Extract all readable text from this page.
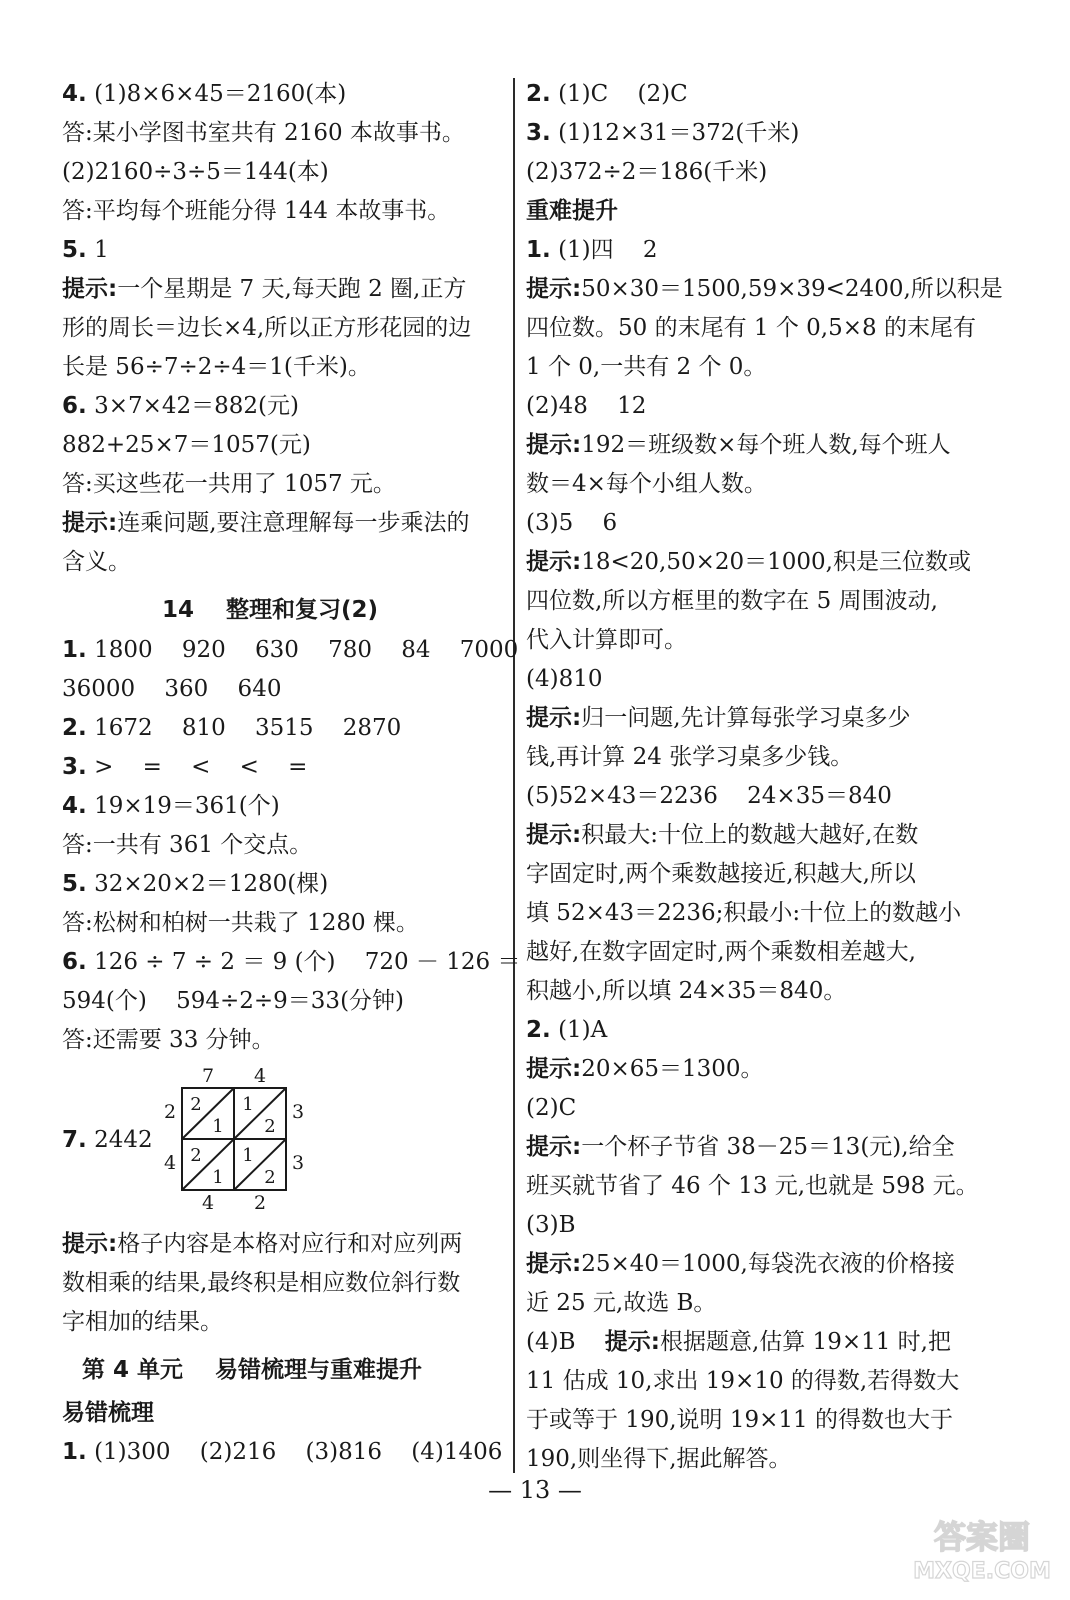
4. (1)8×6×45＝2160(本)
答:某小学图书室共有 2160 本故事书。
(2)2160÷3÷5＝144(本)
答:平均每个班能分得 144 本故事书。
5. 1
提示:一个星期是 7 天,每天跑 2 圈,正方
形的周长＝边长×4,所以正方形花园的边
长是 56÷7÷2÷4＝1(千米)。
6. 3×7×42＝882(元)
882+25×7＝1057(元)
答:买这些花一共用了 1057 元。
提示:连乘问题,要注意理解每一步乘法的
含义。
14 整理和复习(2)
1. 1800    920    630    780    84    7000
36000    360    640
2. 1672    810    3515    2870
3. >    =    <    <    =
4. 19×19＝361(个)
答:一共有 361 个交点。
5. 32×20×2＝1280(棵)
答:松树和柏树一共栽了 1280 棵。
6. 126 ÷ 7 ÷ 2 ＝ 9 (个)    720 － 126 ＝
594(个)    594÷2÷9＝33(分钟)
答:还需要 33 分钟。
7. 2442
7 4
4 2
2
4
3
3
2
1
1
2
2
1
1
2
提示:格子内容是本格对应行和对应列两
数相乘的结果,最终积是相应数位斜行数
字相加的结果。
第 4 单元    易错梳理与重难提升
易错梳理
1. (1)300    (2)216    (3)816    (4)1406
2. (1)C    (2)C
3. (1)12×31＝372(千米)
(2)372÷2＝186(千米)
重难提升
1. (1)四    2
提示:50×30＝1500,59×39<2400,所以积是
四位数。50 的末尾有 1 个 0,5×8 的末尾有
1 个 0,一共有 2 个 0。
(2)48    12
提示:192＝班级数×每个班人数,每个班人
数＝4×每个小组人数。
(3)5    6
提示:18<20,50×20＝1000,积是三位数或
四位数,所以方框里的数字在 5 周围波动,
代入计算即可。
(4)810
提示:归一问题,先计算每张学习桌多少
钱,再计算 24 张学习桌多少钱。
(5)52×43＝2236    24×35＝840
提示:积最大:十位上的数越大越好,在数
字固定时,两个乘数越接近,积越大,所以
填 52×43＝2236;积最小:十位上的数越小
越好,在数字固定时,两个乘数相差越大,
积越小,所以填 24×35＝840。
2. (1)A
提示:20×65＝1300。
(2)C
提示:一个杯子节省 38－25＝13(元),给全
班买就节省了 46 个 13 元,也就是 598 元。
(3)B
提示:25×40＝1000,每袋洗衣液的价格接
近 25 元,故选 B。
(4)B    提示:根据题意,估算 19×11 时,把
11 估成 10,求出 19×10 的得数,若得数大
于或等于 190,说明 19×11 的得数也大于
190,则坐得下,据此解答。
— 13 —
答案圈
MXQE.COM
